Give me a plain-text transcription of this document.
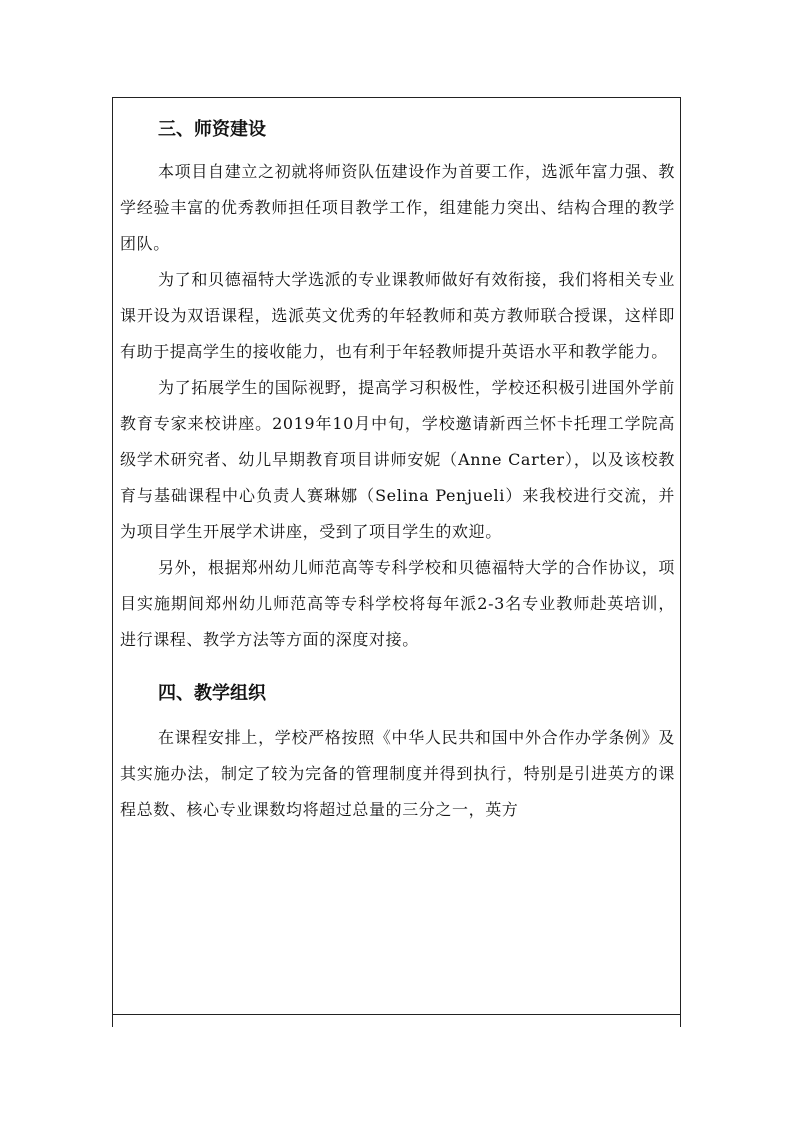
三、师资建设

本项目自建立之初就将师资队伍建设作为首要工作，选派年富力强、教学经验丰富的优秀教师担任项目教学工作，组建能力突出、结构合理的教学团队。

为了和贝德福特大学选派的专业课教师做好有效衔接，我们将相关专业课开设为双语课程，选派英文优秀的年轻教师和英方教师联合授课，这样即有助于提高学生的接收能力，也有利于年轻教师提升英语水平和教学能力。

为了拓展学生的国际视野，提高学习积极性，学校还积极引进国外学前教育专家来校讲座。2019年10月中旬，学校邀请新西兰怀卡托理工学院高级学术研究者、幼儿早期教育项目讲师安妮（Anne Carter），以及该校教育与基础课程中心负责人赛琳娜（Selina Penjueli）来我校进行交流，并为项目学生开展学术讲座，受到了项目学生的欢迎。

另外，根据郑州幼儿师范高等专科学校和贝德福特大学的合作协议，项目实施期间郑州幼儿师范高等专科学校将每年派2-3名专业教师赴英培训，进行课程、教学方法等方面的深度对接。

四、教学组织

在课程安排上，学校严格按照《中华人民共和国中外合作办学条例》及其实施办法，制定了较为完备的管理制度并得到执行，特别是引进英方的课程总数、核心专业课数均将超过总量的三分之一，英方
